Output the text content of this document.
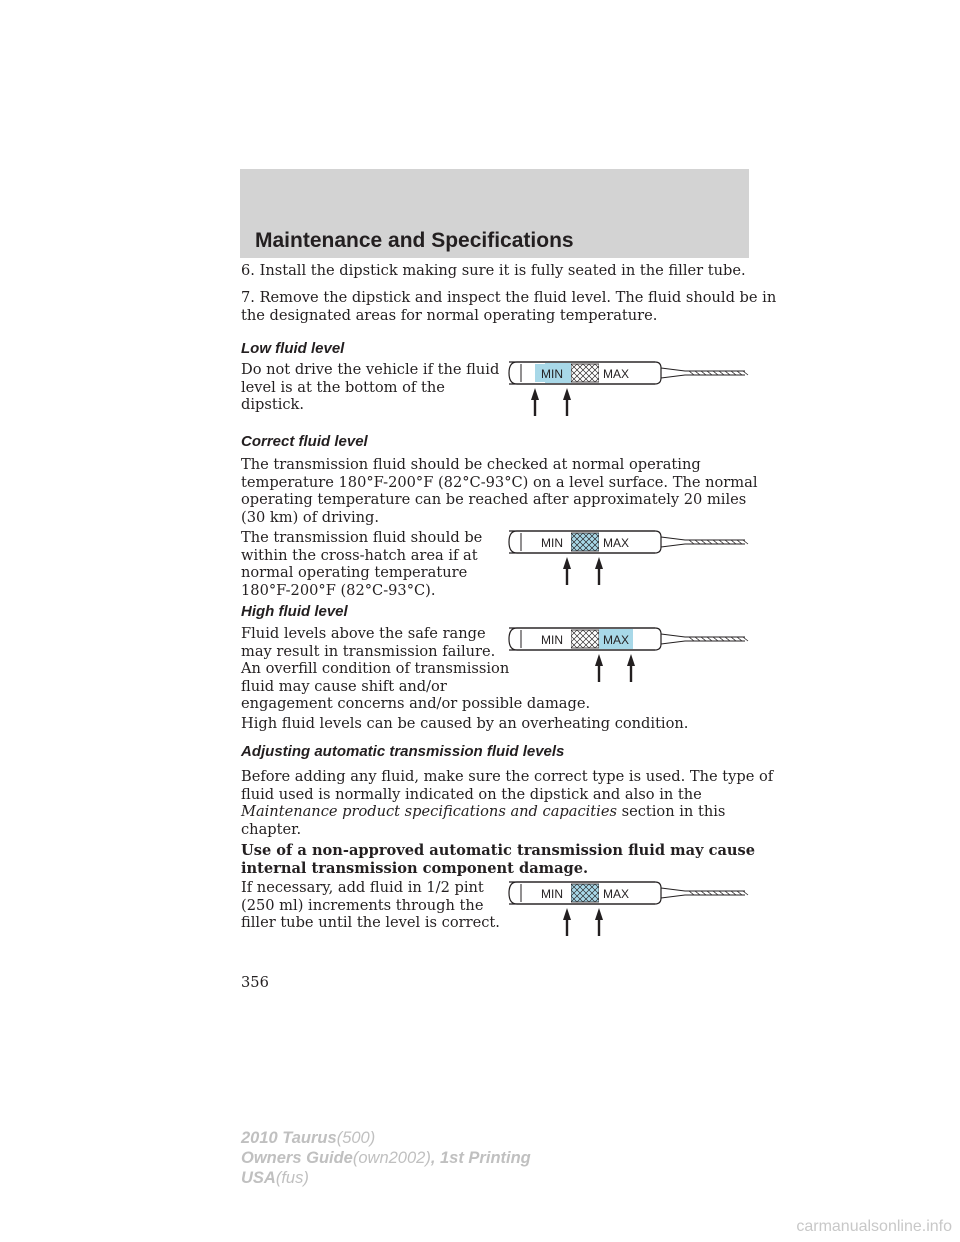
Maintenance and Specifications

6. Install the dipstick making sure it is fully seated in the filler tube.

7. Remove the dipstick and inspect the fluid level. The fluid should be in
the designated areas for normal operating temperature.

Low fluid level

Do not drive the vehicle if the fluid
level is at the bottom of the
dipstick.

MIN	MAX

Correct fluid level

The transmission fluid should be checked at normal operating
temperature 180°F-200°F (82°C-93°C) on a level surface. The normal
operating temperature can be reached after approximately 20 miles
(30 km) of driving.

The transmission fluid should be
within the cross-hatch area if at
normal operating temperature
180°F-200°F (82°C-93°C).

MIN	MAX

High fluid level

Fluid levels above the safe range
may result in transmission failure.
An overfill condition of transmission
fluid may cause shift and/or
engagement concerns and/or possible damage.

High fluid levels can be caused by an overheating condition.

MIN	MAX

Adjusting automatic transmission fluid levels

Before adding any fluid, make sure the correct type is used. The type of
fluid used is normally indicated on the dipstick and also in the
Maintenance product specifications and capacities section in this
chapter.

Use of a non-approved automatic transmission fluid may cause
internal transmission component damage.

If necessary, add fluid in 1/2 pint
(250 ml) increments through the
filler tube until the level is correct.

MIN	MAX
356
2010 Taurus(500)
Owners Guide(own2002), 1st Printing
USA(fus)
carmanualsonline.info
